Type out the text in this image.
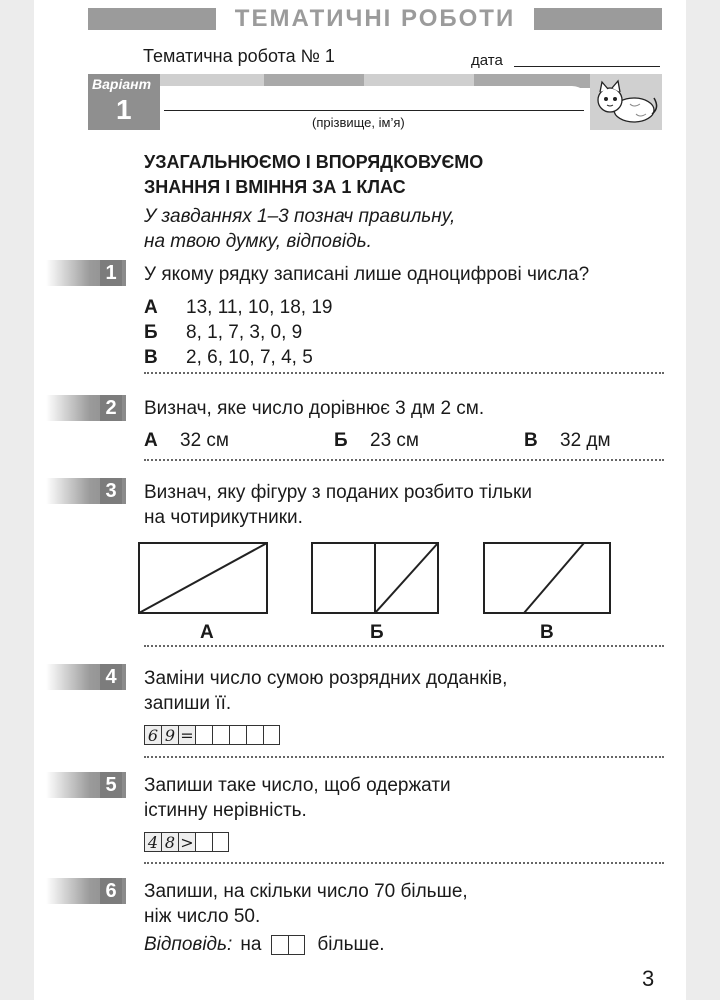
ТЕМАТИЧНІ РОБОТИ
Тематична робота № 1	дата
Варіант
1	(прізвище, ім’я)
УЗАГАЛЬНЮЄМО І ВПОРЯДКОВУЄМО
ЗНАННЯ І ВМІННЯ ЗА 1 КЛАС
У завданнях 1–3 познач правильну,
на твою думку, відповідь.
1 У якому рядку записані лише одноцифрові числа?
А 13, 11, 10, 18, 19
Б 8, 1, 7, 3, 0, 9
В 2, 6, 10, 7, 4, 5
2 Визнач, яке число дорівнює 3 дм 2 см.
А 32 см	Б 23 см	В 32 дм
3 Визнач, яку фігуру з поданих розбито тільки
на чотирикутники.
А	Б	В
4 Заміни число сумою розрядних доданків,
запиши її.
6 9 =
5 Запиши таке число, щоб одержати
істинну нерівність.
4 8 >
6 Запиши, на скільки число 70 більше,
ніж число 50.
Відповідь: на	більше.
3
